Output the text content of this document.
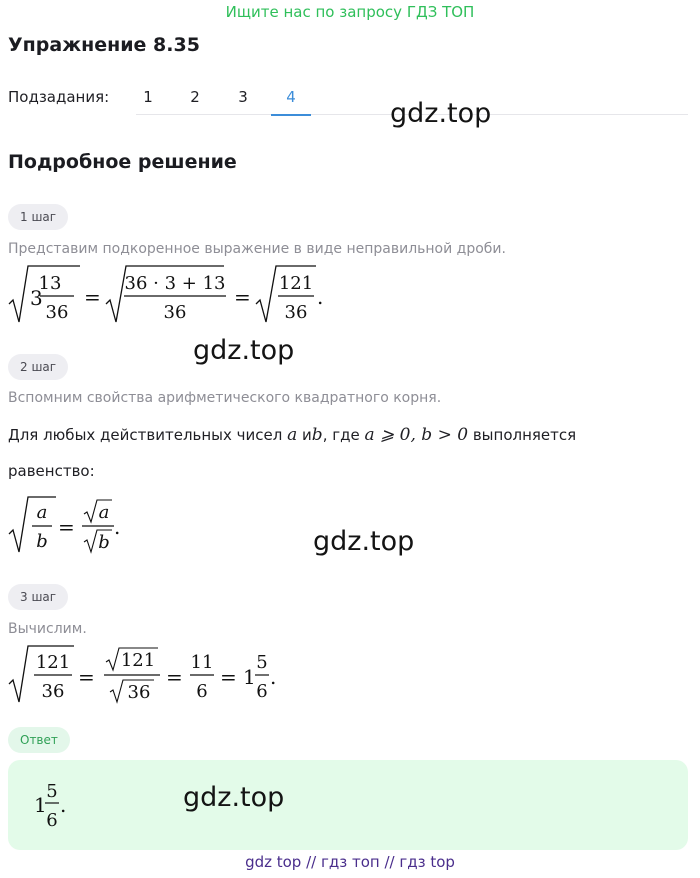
Ищите нас по запросу ГДЗ ТОП
Упражнение 8.35
Подзадания:	1	2	3	4
gdz.top
Подробное решение
1 шаг
Представим подкоренное выражение в виде неправильной дроби.
3
13
36
=
36 · 3 + 13
36
=
121
36
.
gdz.top
2 шаг
Вспомним свойства арифметического квадратного корня.
Для любых действительных чисел a иb, где a ⩾ 0, b > 0 выполняется
равенство:
a
b
=
a
b
.	gdz.top
3 шаг
Вычислим.
121
36
=
121
36
=
11
6
= 1
5
6
.
Ответ
1
5
6
.	gdz.top
gdz top // гдз топ // гдз top
